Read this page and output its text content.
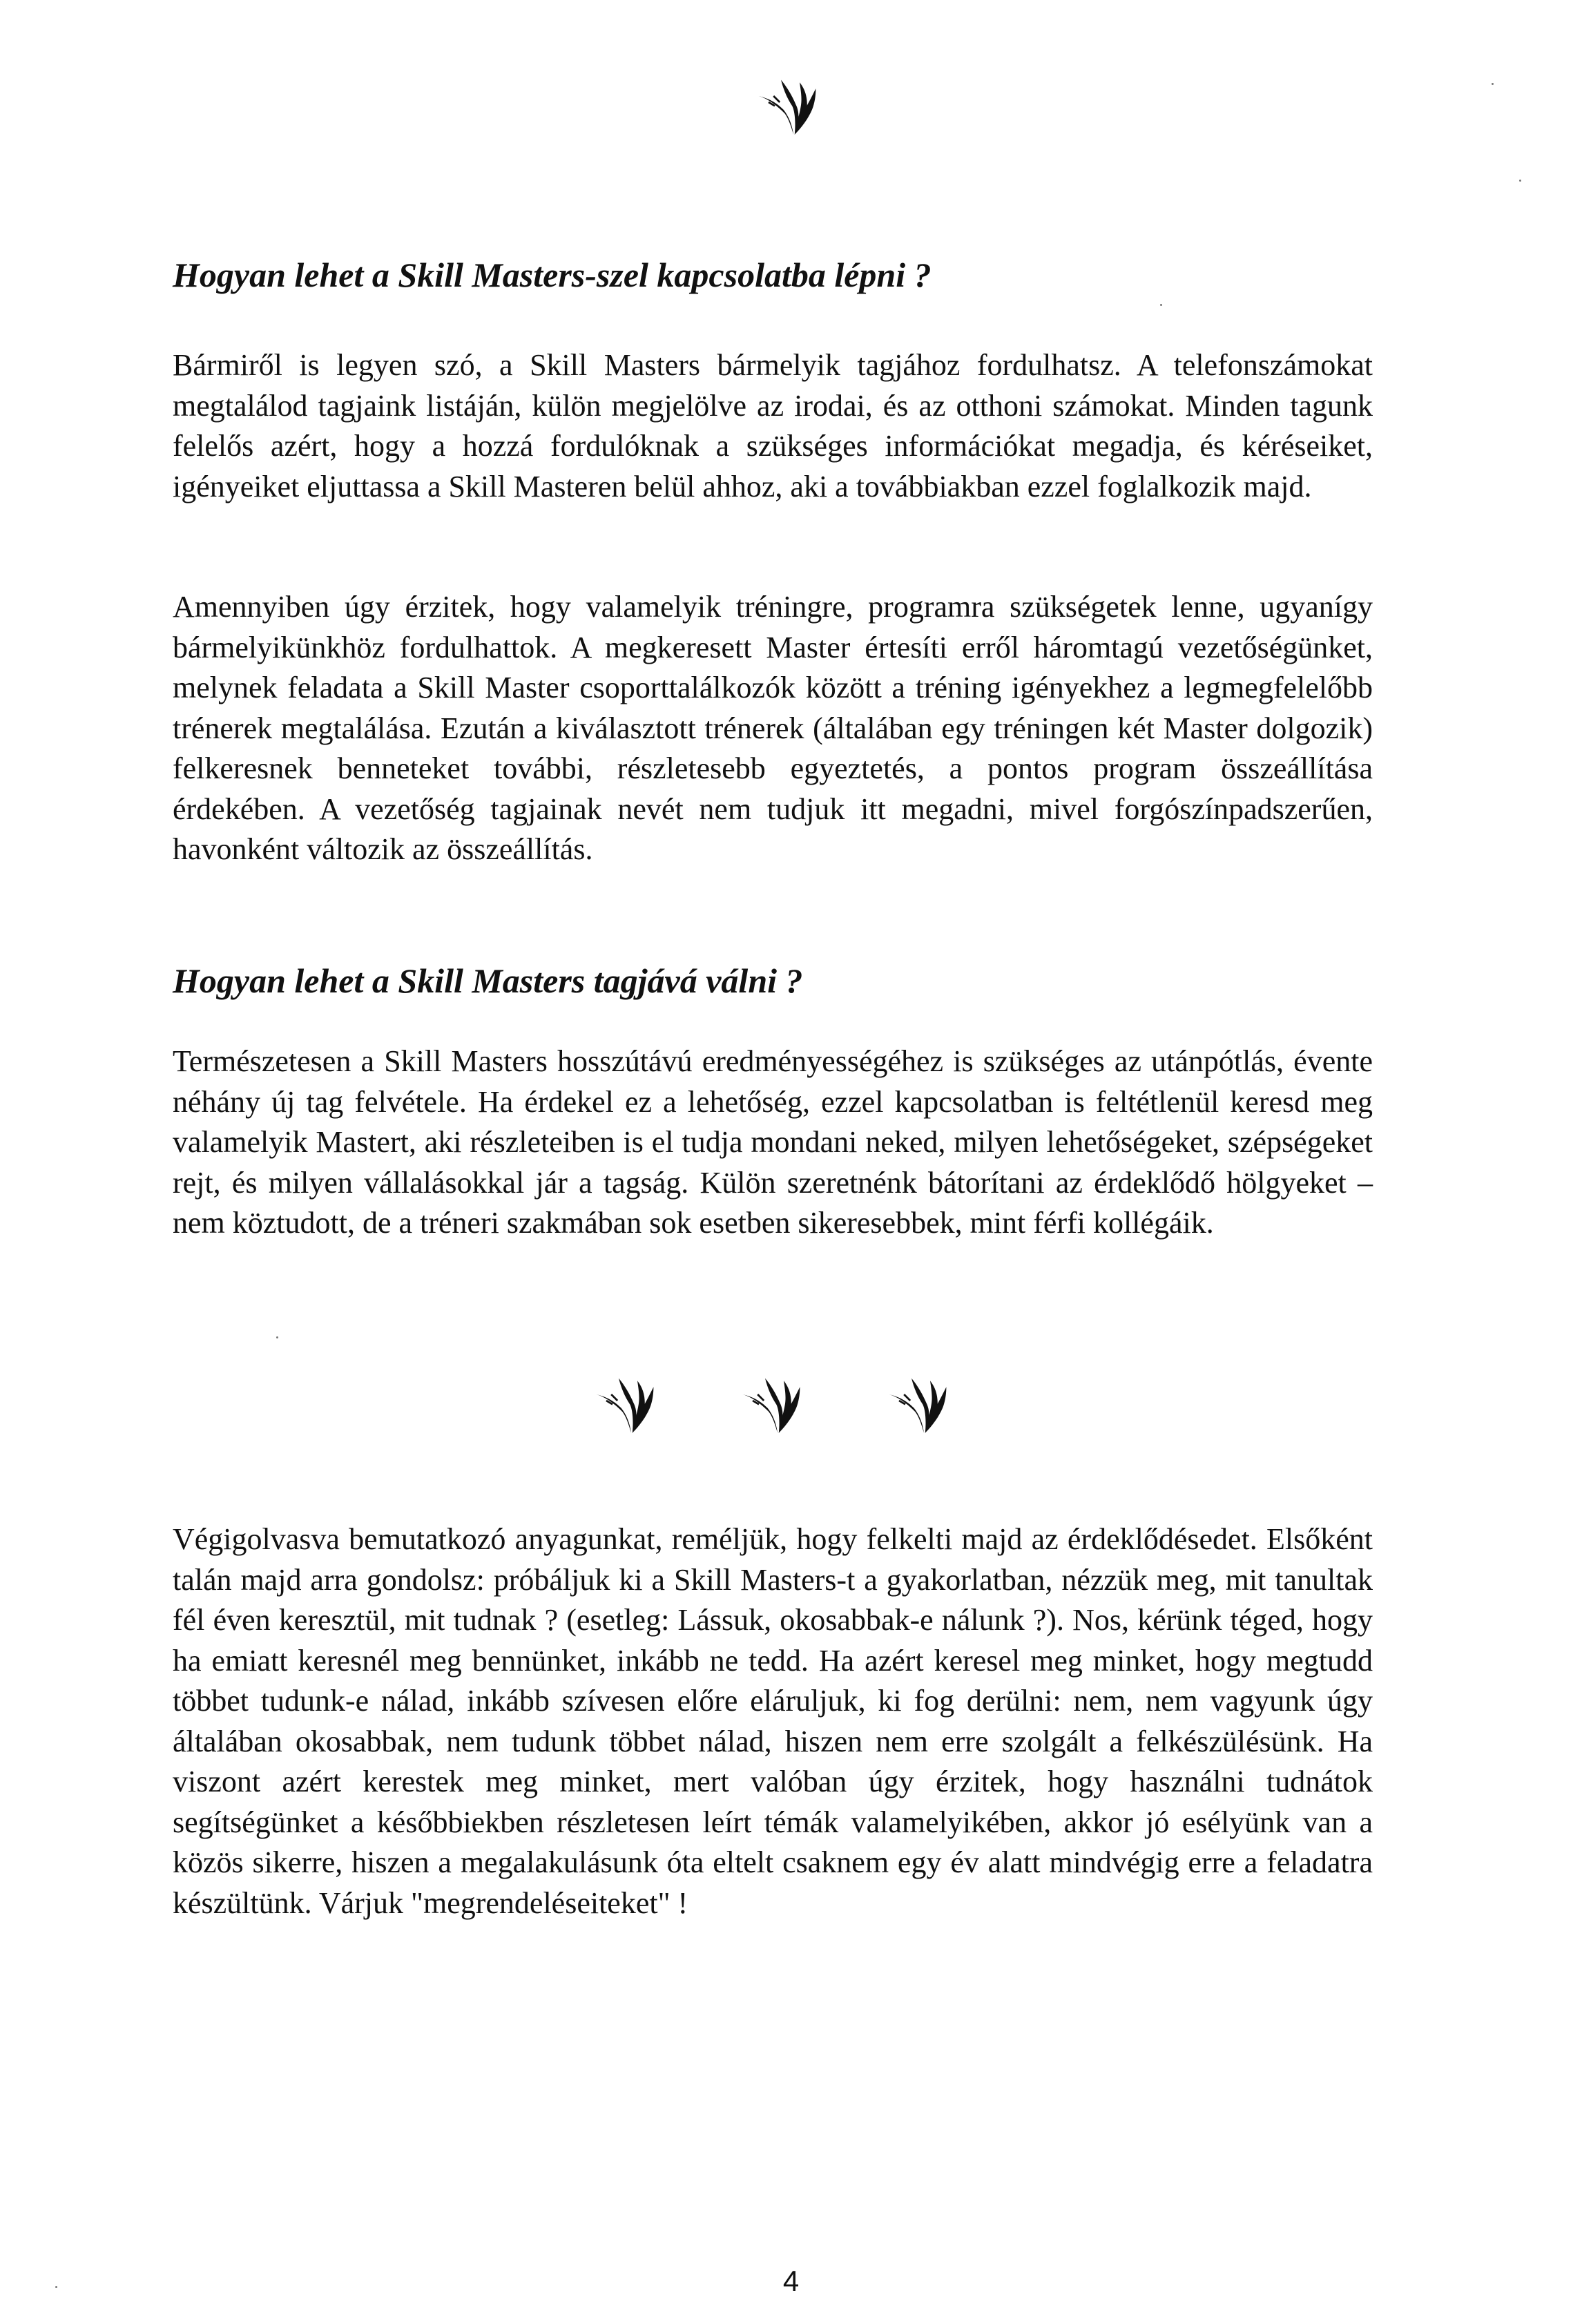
Hogyan lehet a Skill Masters-szel kapcsolatba lépni ?

Bármiről is legyen szó, a Skill Masters bármelyik tagjához fordulhatsz. A telefonszámokat megtalálod tagjaink listáján, külön megjelölve az irodai, és az otthoni számokat. Minden tagunk felelős azért, hogy a hozzá fordulóknak a szükséges információkat megadja, és kéréseiket, igényeiket eljuttassa a Skill Masteren belül ahhoz, aki a továbbiakban ezzel foglalkozik majd.

Amennyiben úgy érzitek, hogy valamelyik tréningre, programra szükségetek lenne, ugyanígy bármelyikünkhöz fordulhattok. A megkeresett Master értesíti erről háromtagú vezetőségünket, melynek feladata a Skill Master csoporttalálkozók között a tréning igényekhez a legmegfelelőbb trénerek megtalálása. Ezután a kiválasztott trénerek (általában egy tréningen két Master dolgozik) felkeresnek benneteket további, részletesebb egyeztetés, a pontos program összeállítása érdekében. A vezetőség tagjainak nevét nem tudjuk itt megadni, mivel forgószínpadszerűen, havonként változik az összeállítás.

Hogyan lehet a Skill Masters tagjává válni ?

Természetesen a Skill Masters hosszútávú eredményességéhez is szükséges az utánpótlás, évente néhány új tag felvétele. Ha érdekel ez a lehetőség, ezzel kapcsolatban is feltétlenül keresd meg valamelyik Mastert, aki részleteiben is el tudja mondani neked, milyen lehetőségeket, szépségeket rejt, és milyen vállalásokkal jár a tagság. Külön szeretnénk bátorítani az érdeklődő hölgyeket – nem köztudott, de a tréneri szakmában sok esetben sikeresebbek, mint férfi kollégáik.

Végigolvasva bemutatkozó anyagunkat, reméljük, hogy felkelti majd az érdeklődésedet. Elsőként talán majd arra gondolsz: próbáljuk ki a Skill Masters-t a gyakorlatban, nézzük meg, mit tanultak fél éven keresztül, mit tudnak ? (esetleg: Lássuk, okosabbak-e nálunk ?). Nos, kérünk téged, hogy ha emiatt keresnél meg bennünket, inkább ne tedd. Ha azért keresel meg minket, hogy megtudd többet tudunk-e nálad, inkább szívesen előre eláruljuk, ki fog derülni: nem, nem vagyunk úgy általában okosabbak, nem tudunk többet nálad, hiszen nem erre szolgált a felkészülésünk. Ha viszont azért kerestek meg minket, mert valóban úgy érzitek, hogy használni tudnátok segítségünket a későbbiekben részletesen leírt témák valamelyikében, akkor jó esélyünk van a közös sikerre, hiszen a megalakulásunk óta eltelt csaknem egy év alatt mindvégig erre a feladatra készültünk. Várjuk "megrendeléseiteket" !

4
